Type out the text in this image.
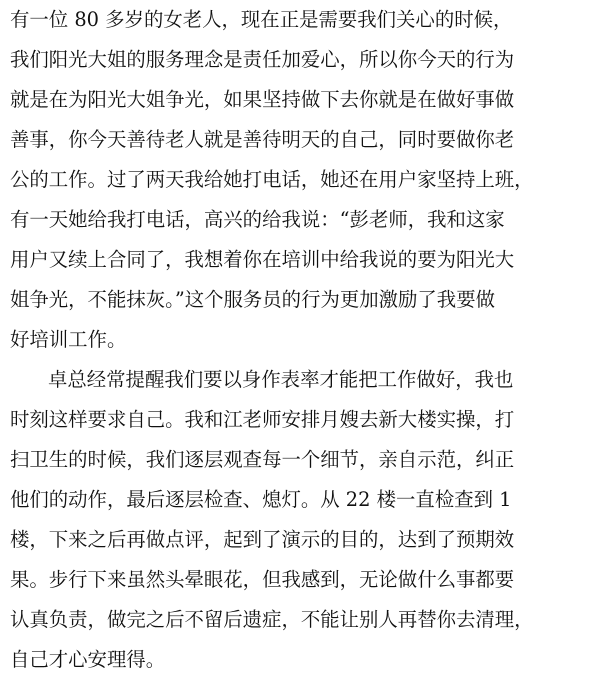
有一位 80 多岁的女老人，现在正是需要我们关心的时候，
我们阳光大姐的服务理念是责任加爱心，所以你今天的行为
就是在为阳光大姐争光，如果坚持做下去你就是在做好事做
善事，你今天善待老人就是善待明天的自己，同时要做你老
公的工作。过了两天我给她打电话，她还在用户家坚持上班，
有一天她给我打电话，高兴的给我说：“彭老师，我和这家
用户又续上合同了，我想着你在培训中给我说的要为阳光大
姐争光，不能抹灰。”这个服务员的行为更加激励了我要做
好培训工作。
卓总经常提醒我们要以身作表率才能把工作做好，我也
时刻这样要求自己。我和江老师安排月嫂去新大楼实操，打
扫卫生的时候，我们逐层观查每一个细节，亲自示范，纠正
他们的动作，最后逐层检查、熄灯。从 22 楼一直检查到 1
楼，下来之后再做点评，起到了演示的目的，达到了预期效
果。步行下来虽然头晕眼花，但我感到，无论做什么事都要
认真负责，做完之后不留后遗症，不能让别人再替你去清理，
自己才心安理得。
